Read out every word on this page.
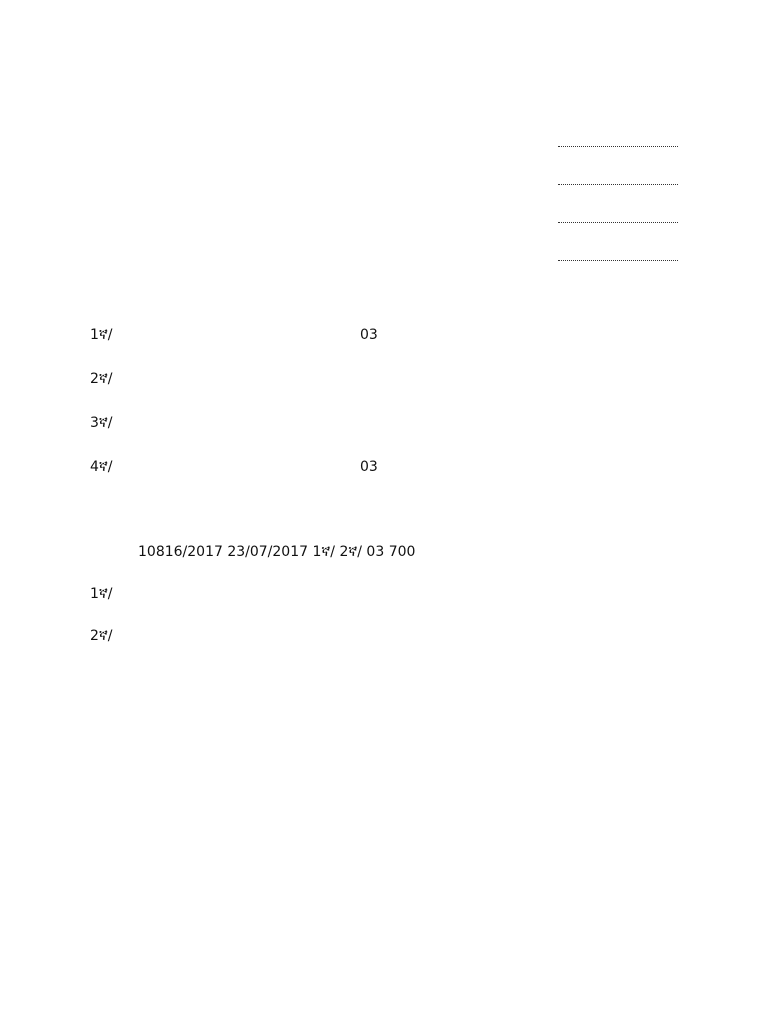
1ኛ/	03
2ኛ/
3ኛ/
4ኛ/	03

10816/2017 23/07/2017 1ኛ/ 2ኛ/ 03 700

1ኛ/

2ኛ/
